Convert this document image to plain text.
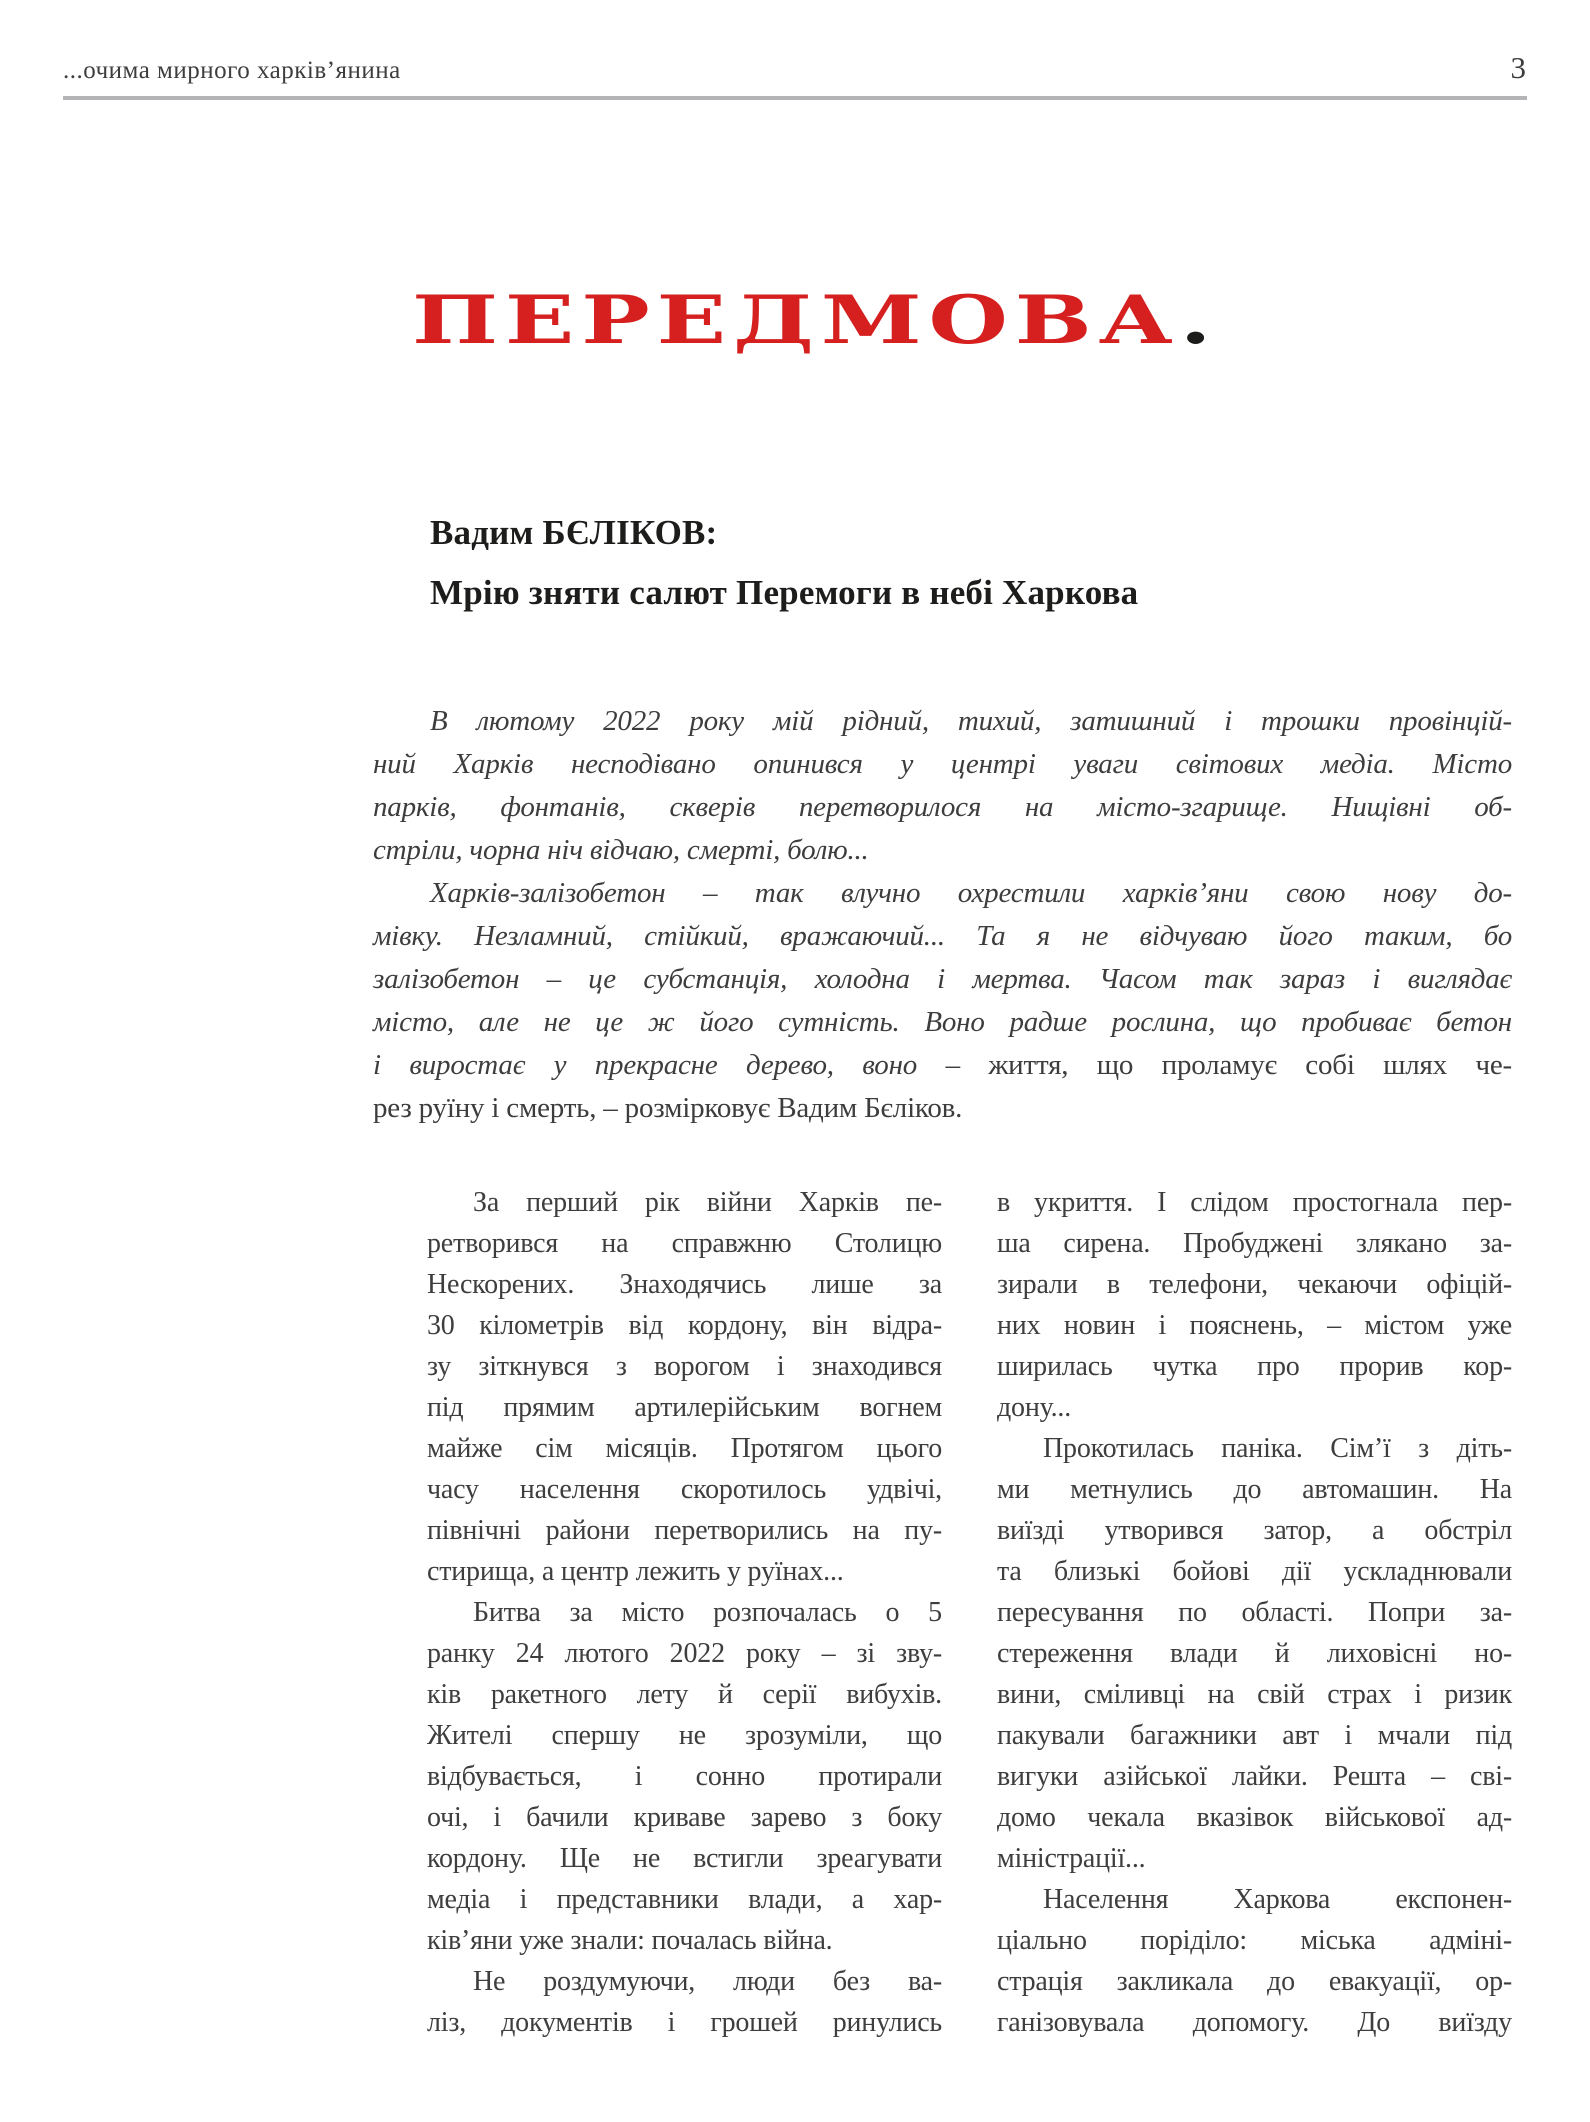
...очима мирного харків’янина	3
ПЕРЕДМОВА.
Вадим БЄЛІКОВ:
Мрію зняти салют Перемоги в небі Харкова
В лютому 2022 року мій рідний, тихий, затишний і трошки провінцій-
ний Харків несподівано опинився у центрі уваги світових медіа. Місто
парків, фонтанів, скверів перетворилося на місто-згарище. Нищівні об-
стріли, чорна ніч відчаю, смерті, болю...
Харків-залізобетон – так влучно охрестили харків’яни свою нову до-
мівку. Незламний, стійкий, вражаючий... Та я не відчуваю його таким, бо
залізобетон – це субстанція, холодна і мертва. Часом так зараз і виглядає
місто, але не це ж його сутність. Воно радше рослина, що пробиває бетон
і виростає у прекрасне дерево, воно – життя, що проламує собі шлях че-
рез руїну і смерть, – розмірковує Вадим Бєліков.
За перший рік війни Харків пе-
ретворився на справжню Столицю
Нескорених. Знаходячись лише за
30 кілометрів від кордону, він відра-
зу зіткнувся з ворогом і знаходився
під прямим артилерійським вогнем
майже сім місяців. Протягом цього
часу населення скоротилось удвічі,
північні райони перетворились на пу-
стирища, а центр лежить у руїнах...
Битва за місто розпочалась о 5
ранку 24 лютого 2022 року – зі зву-
ків ракетного лету й серії вибухів.
Жителі спершу не зрозуміли, що
відбувається, і сонно протирали
очі, і бачили криваве зарево з боку
кордону. Ще не встигли зреагувати
медіа і представники влади, а хар-
ків’яни уже знали: почалась війна.
Не роздумуючи, люди без ва-
ліз, документів і грошей ринулись
в укриття. І слідом простогнала пер-
ша сирена. Пробуджені злякано за-
зирали в телефони, чекаючи офіцій-
них новин і пояснень, – містом уже
ширилась чутка про прорив кор-
дону...
Прокотилась паніка. Сім’ї з діть-
ми метнулись до автомашин. На
виїзді утворився затор, а обстріл
та близькі бойові дії ускладнювали
пересування по області. Попри за-
стереження влади й лиховісні но-
вини, сміливці на свій страх і ризик
пакували багажники авт і мчали під
вигуки азійської лайки. Решта – сві-
домо чекала вказівок військової ад-
міністрації...
Населення Харкова експонен-
ціально поріділо: міська адміні-
страція закликала до евакуації, ор-
ганізовувала допомогу. До виїзду
